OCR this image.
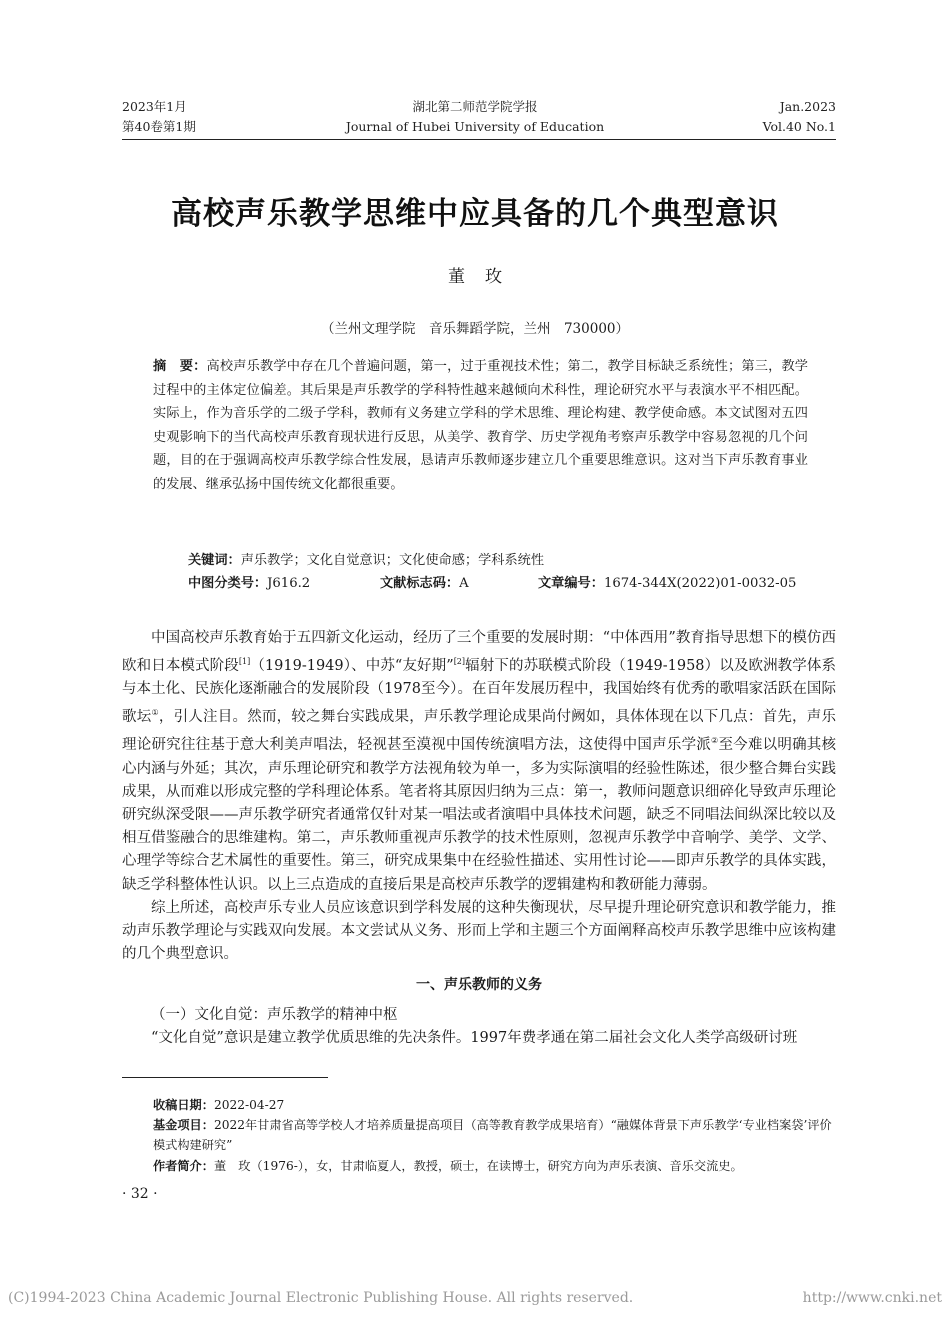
2023年1月
第40卷第1期
湖北第二师范学院学报
Journal of Hubei University of Education
Jan.2023
Vol.40 No.1
高校声乐教学思维中应具备的几个典型意识
董玫
（兰州文理学院　音乐舞蹈学院，兰州　730000）
摘　要：高校声乐教学中存在几个普遍问题，第一，过于重视技术性；第二，教学目标缺乏系统性；第三，教学过程中的主体定位偏差。其后果是声乐教学的学科特性越来越倾向术科性，理论研究水平与表演水平不相匹配。实际上，作为音乐学的二级子学科，教师有义务建立学科的学术思维、理论构建、教学使命感。本文试图对五四史观影响下的当代高校声乐教育现状进行反思，从美学、教育学、历史学视角考察声乐教学中容易忽视的几个问题，目的在于强调高校声乐教学综合性发展，恳请声乐教师逐步建立几个重要思维意识。这对当下声乐教育事业的发展、继承弘扬中国传统文化都很重要。
关键词：声乐教学；文化自觉意识；文化使命感；学科系统性
中图分类号：J616.2	文献标志码：A	文章编号：1674-344X(2022)01-0032-05

中国高校声乐教育始于五四新文化运动，经历了三个重要的发展时期：“中体西用”教育指导思想下的模仿西欧和日本模式阶段[1]（1919-1949）、中苏“友好期”[2]辐射下的苏联模式阶段（1949-1958）以及欧洲教学体系与本土化、民族化逐渐融合的发展阶段（1978至今）。在百年发展历程中，我国始终有优秀的歌唱家活跃在国际歌坛①，引人注目。然而，较之舞台实践成果，声乐教学理论成果尚付阙如，具体体现在以下几点：首先，声乐理论研究往往基于意大利美声唱法，轻视甚至漠视中国传统演唱方法，这使得中国声乐学派②至今难以明确其核心内涵与外延；其次，声乐理论研究和教学方法视角较为单一，多为实际演唱的经验性陈述，很少整合舞台实践成果，从而难以形成完整的学科理论体系。笔者将其原因归纳为三点：第一，教师问题意识细碎化导致声乐理论研究纵深受限——声乐教学研究者通常仅针对某一唱法或者演唱中具体技术问题，缺乏不同唱法间纵深比较以及相互借鉴融合的思维建构。第二，声乐教师重视声乐教学的技术性原则，忽视声乐教学中音响学、美学、文学、心理学等综合艺术属性的重要性。第三，研究成果集中在经验性描述、实用性讨论——即声乐教学的具体实践，缺乏学科整体性认识。以上三点造成的直接后果是高校声乐教学的逻辑建构和教研能力薄弱。

综上所述，高校声乐专业人员应该意识到学科发展的这种失衡现状，尽早提升理论研究意识和教学能力，推动声乐教学理论与实践双向发展。本文尝试从义务、形而上学和主题三个方面阐释高校声乐教学思维中应该构建的几个典型意识。

一、声乐教师的义务

（一）文化自觉：声乐教学的精神中枢

“文化自觉”意识是建立教学优质思维的先决条件。1997年费孝通在第二届社会文化人类学高级研讨班

收稿日期：2022-04-27
基金项目：2022年甘肃省高等学校人才培养质量提高项目（高等教育教学成果培育）“融媒体背景下声乐教学‘专业档案袋’评价模式构建研究”
作者简介：董　玫（1976-），女，甘肃临夏人，教授，硕士，在读博士，研究方向为声乐表演、音乐交流史。
· 32 ·
(C)1994-2023 China Academic Journal Electronic Publishing House. All rights reserved.	http://www.cnki.net
